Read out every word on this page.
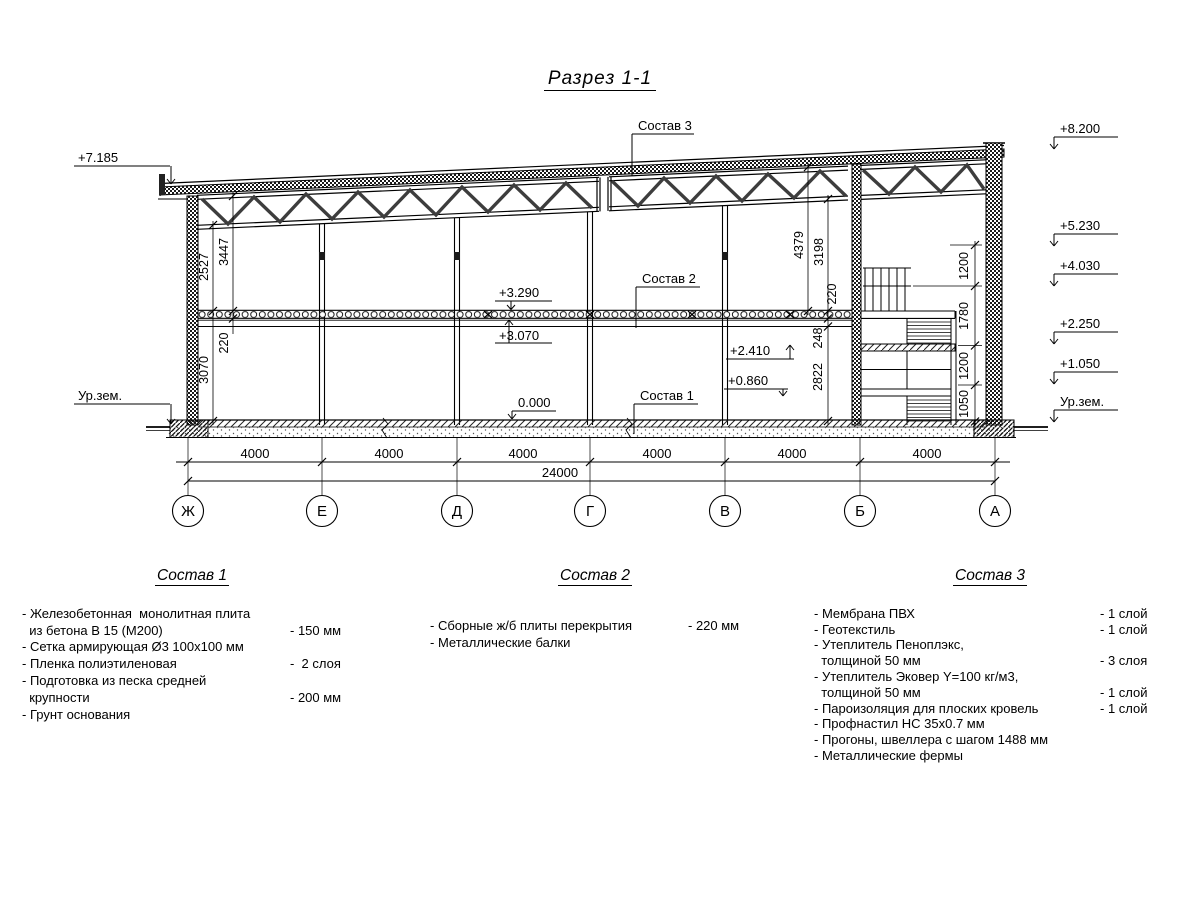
Разрез 1-1
+7.185
Ур.зем.
+8.200
+5.230
+4.030
+2.250
+1.050
Ур.зем.
+3.290
+3.070
0.000
+2.410
+0.860
Состав 3
Состав 2
Состав 1
2527
3447
220
3070
4379 3198
220
248
2822
1200
1780
1200
1050
4000	4000	4000	4000	4000	4000
24000
Ж	Е	Д	Г	В	Б	А
Состав 1
- Железобетонная  монолитная плита
из бетона В 15 (М200)	- 150 мм
- Сетка армирующая Ø3 100x100 мм
- Пленка полиэтиленовая	-  2 слоя
- Подготовка из песка средней
крупности	- 200 мм
- Грунт основания
Состав 2
- Сборные ж/б плиты перекрытия	- 220 мм
- Металлические балки
Состав 3
- Мембрана ПВХ	- 1 слой
- Геотекстиль	- 1 слой
- Утеплитель Пеноплэкс,
толщиной 50 мм	- 3 слоя
- Утеплитель Эковер Y=100 кг/м3,
толщиной 50 мм	- 1 слой
- Пароизоляция для плоских кровель	- 1 слой
- Профнастил НС 35х0.7 мм
- Прогоны, швеллера с шагом 1488 мм
- Металлические фермы
